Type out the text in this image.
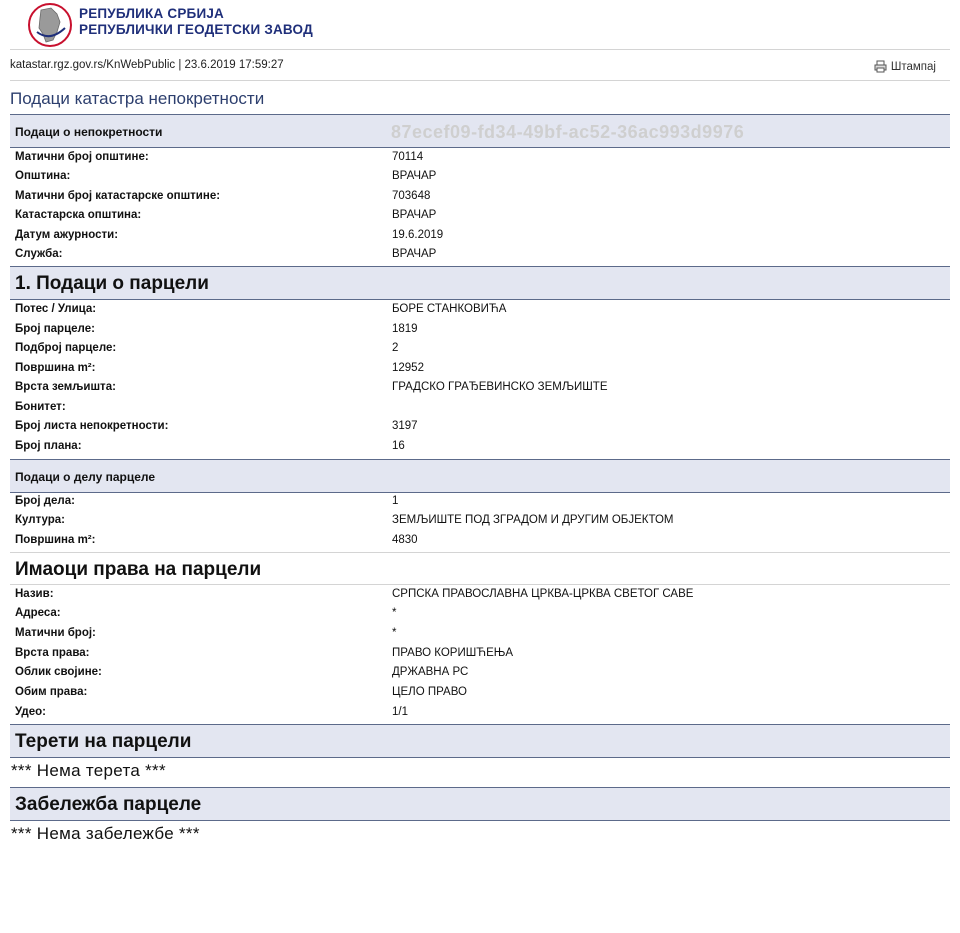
РЕПУБЛИКА СРБИЈА
РЕПУБЛИЧКИ ГЕОДЕТСКИ ЗАВОД
katastar.rgz.gov.rs/KnWebPublic | 23.6.2019 17:59:27	Штампај
Подаци катастра непокретности
Подаци о непокретности	87ecef09-fd34-49bf-ac52-36ac993d9976
Матични број општине:	70114
Општина:	ВРАЧАР
Матични број катастарске општине:	703648
Катастарска општина:	ВРАЧАР
Датум ажурности:	19.6.2019
Служба:	ВРАЧАР
1. Подаци о парцели
Потес / Улица:	БОРЕ СТАНКОВИЋА
Број парцеле:	1819
Подброј парцеле:	2
Површина m²:	12952
Врста земљишта:	ГРАДСКО ГРАЂЕВИНСКО ЗЕМЉИШТЕ
Бонитет:
Број листа непокретности:	3197
Број плана:	16
Подаци о делу парцеле
Број дела:	1
Култура:	ЗЕМЉИШТЕ ПОД ЗГРАДОМ И ДРУГИМ ОБЈЕКТОМ
Површина m²:	4830
Имаоци права на парцели
Назив:	СРПСКА ПРАВОСЛАВНА ЦРКВА-ЦРКВА СВЕТОГ САВЕ
Адреса:	*
Матични број:	*
Врста права:	ПРАВО КОРИШЋЕЊА
Облик својине:	ДРЖАВНА РС
Обим права:	ЦЕЛО ПРАВО
Удео:	1/1
Терети на парцели
*** Нема терета ***
Забележба парцеле
*** Нема забележбе ***
